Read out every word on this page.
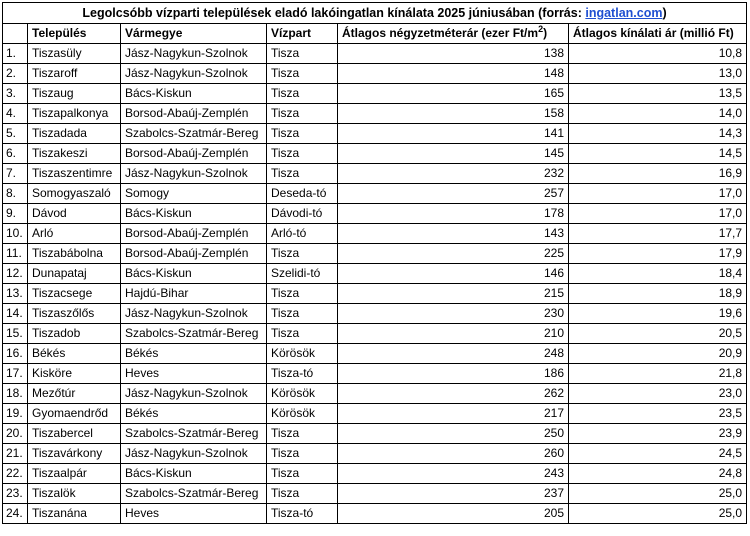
Legolcsóbb vízparti települések eladó lakóingatlan kínálata 2025 júniusában (forrás: ingatlan.com)					
	Település	Vármegye	Vízpart	Átlagos négyzetméterár (ezer $Ft/m^2$)	Átlagos kínálati ár (millió Ft)
1.	Tiszasüly	Jász-Nagykun-Szolnok	Tisza	138	10,8
2.	Tiszaroff	Jász-Nagykun-Szolnok	Tisza	148	13,0
3.	Tiszaug	Bács-Kiskun	Tisza	165	13,5
4.	Tiszapalkonya	Borsod-Abaúj-Zemplén	Tisza	158	14,0
5.	Tiszadada	Szabolcs-Szatmár-Bereg	Tisza	141	14,3
6.	Tiszakeszi	Borsod-Abaúj-Zemplén	Tisza	145	14,5
7.	Tiszaszentimre	Jász-Nagykun-Szolnok	Tisza	232	16,9
8.	Somogyaszaló	Somogy	Deseda-tó	257	17,0
9.	Dávod	Bács-Kiskun	Dávodi-tó	178	17,0
10.	Arló	Borsod-Abaúj-Zemplén	Arló-tó	143	17,7
11.	Tiszabábolna	Borsod-Abaúj-Zemplén	Tisza	225	17,9
12.	Dunapataj	Bács-Kiskun	Szelidi-tó	146	18,4
13.	Tiszacsege	Hajdú-Bihar	Tisza	215	18,9
14.	Tiszaszőlős	Jász-Nagykun-Szolnok	Tisza	230	19,6
15.	Tiszadob	Szabolcs-Szatmár-Bereg	Tisza	210	20,5
16.	Békés	Békés	Körösök	248	20,9
17.	Kisköre	Heves	Tisza-tó	186	21,8
18.	Mezőtúr	Jász-Nagykun-Szolnok	Körösök	262	23,0
19.	Gyomaendrőd	Békés	Körösök	217	23,5
20.	Tiszabercel	Szabolcs-Szatmár-Bereg	Tisza	250	23,9
21.	Tiszavárkony	Jász-Nagykun-Szolnok	Tisza	260	24,5
22.	Tiszaalpár	Bács-Kiskun	Tisza	243	24,8
23.	Tiszalök	Szabolcs-Szatmár-Bereg	Tisza	237	25,0
24.	Tiszanána	Heves	Tisza-tó	205	25,0
